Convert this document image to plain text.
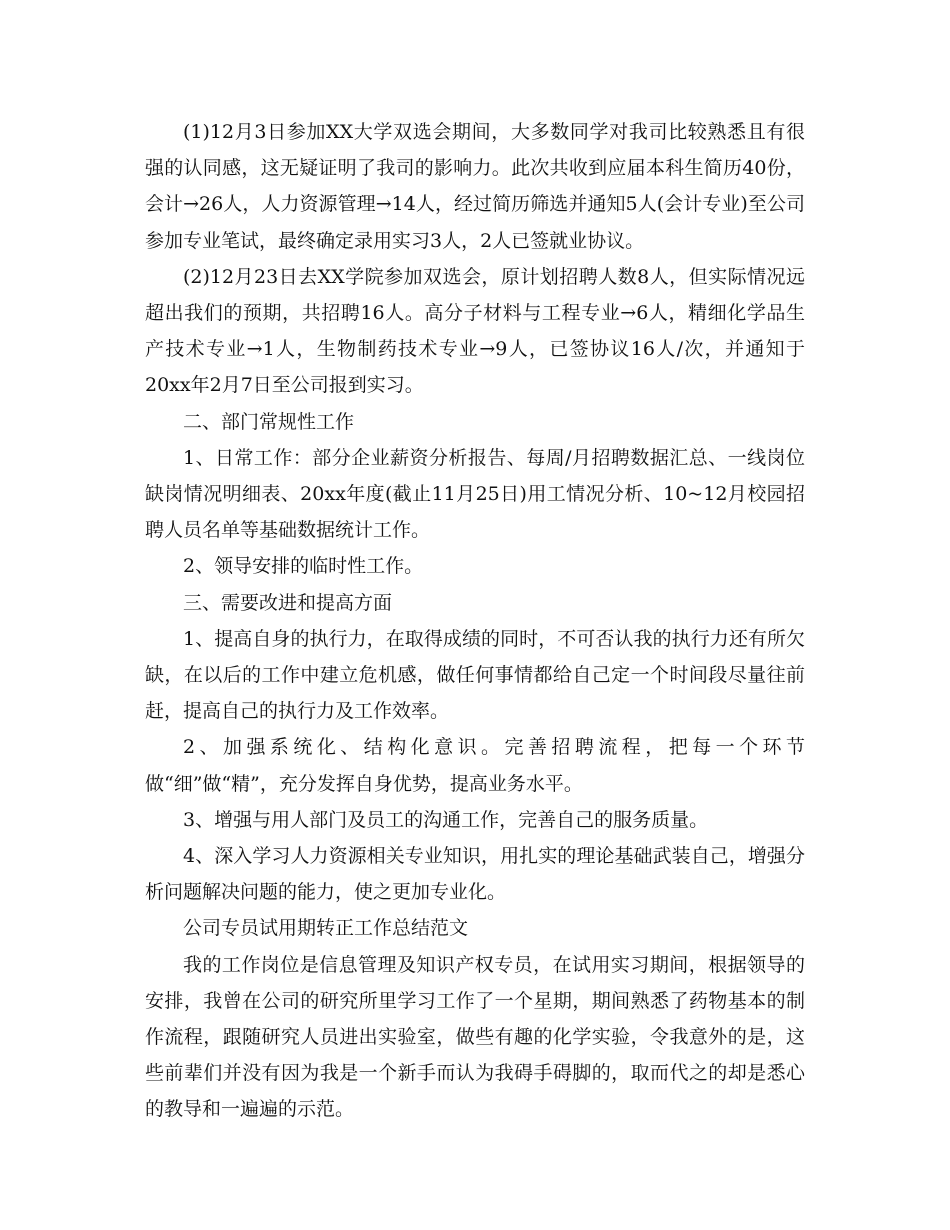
(1)12月3日参加XX大学双选会期间，大多数同学对我司比较熟悉且有很强的认同感，这无疑证明了我司的影响力。此次共收到应届本科生简历40份，会计→26人，人力资源管理→14人，经过简历筛选并通知5人(会计专业)至公司参加专业笔试，最终确定录用实习3人，2人已签就业协议。

(2)12月23日去XX学院参加双选会，原计划招聘人数8人，但实际情况远超出我们的预期，共招聘16人。高分子材料与工程专业→6人，精细化学品生产技术专业→1人，生物制药技术专业→9人，已签协议16人/次，并通知于20xx年2月7日至公司报到实习。

二、部门常规性工作

1、日常工作：部分企业薪资分析报告、每周/月招聘数据汇总、一线岗位缺岗情况明细表、20xx年度(截止11月25日)用工情况分析、10~12月校园招聘人员名单等基础数据统计工作。

2、领导安排的临时性工作。

三、需要改进和提高方面

1、提高自身的执行力，在取得成绩的同时，不可否认我的执行力还有所欠缺，在以后的工作中建立危机感，做任何事情都给自己定一个时间段尽量往前赶，提高自己的执行力及工作效率。

2、加强系统化、结构化意识。完善招聘流程，把每一个环节做“细”做“精”，充分发挥自身优势，提高业务水平。

3、增强与用人部门及员工的沟通工作，完善自己的服务质量。

4、深入学习人力资源相关专业知识，用扎实的理论基础武装自己，增强分析问题解决问题的能力，使之更加专业化。

公司专员试用期转正工作总结范文

我的工作岗位是信息管理及知识产权专员，在试用实习期间，根据领导的安排，我曾在公司的研究所里学习工作了一个星期，期间熟悉了药物基本的制作流程，跟随研究人员进出实验室，做些有趣的化学实验，令我意外的是，这些前辈们并没有因为我是一个新手而认为我碍手碍脚的，取而代之的却是悉心的教导和一遍遍的示范。
